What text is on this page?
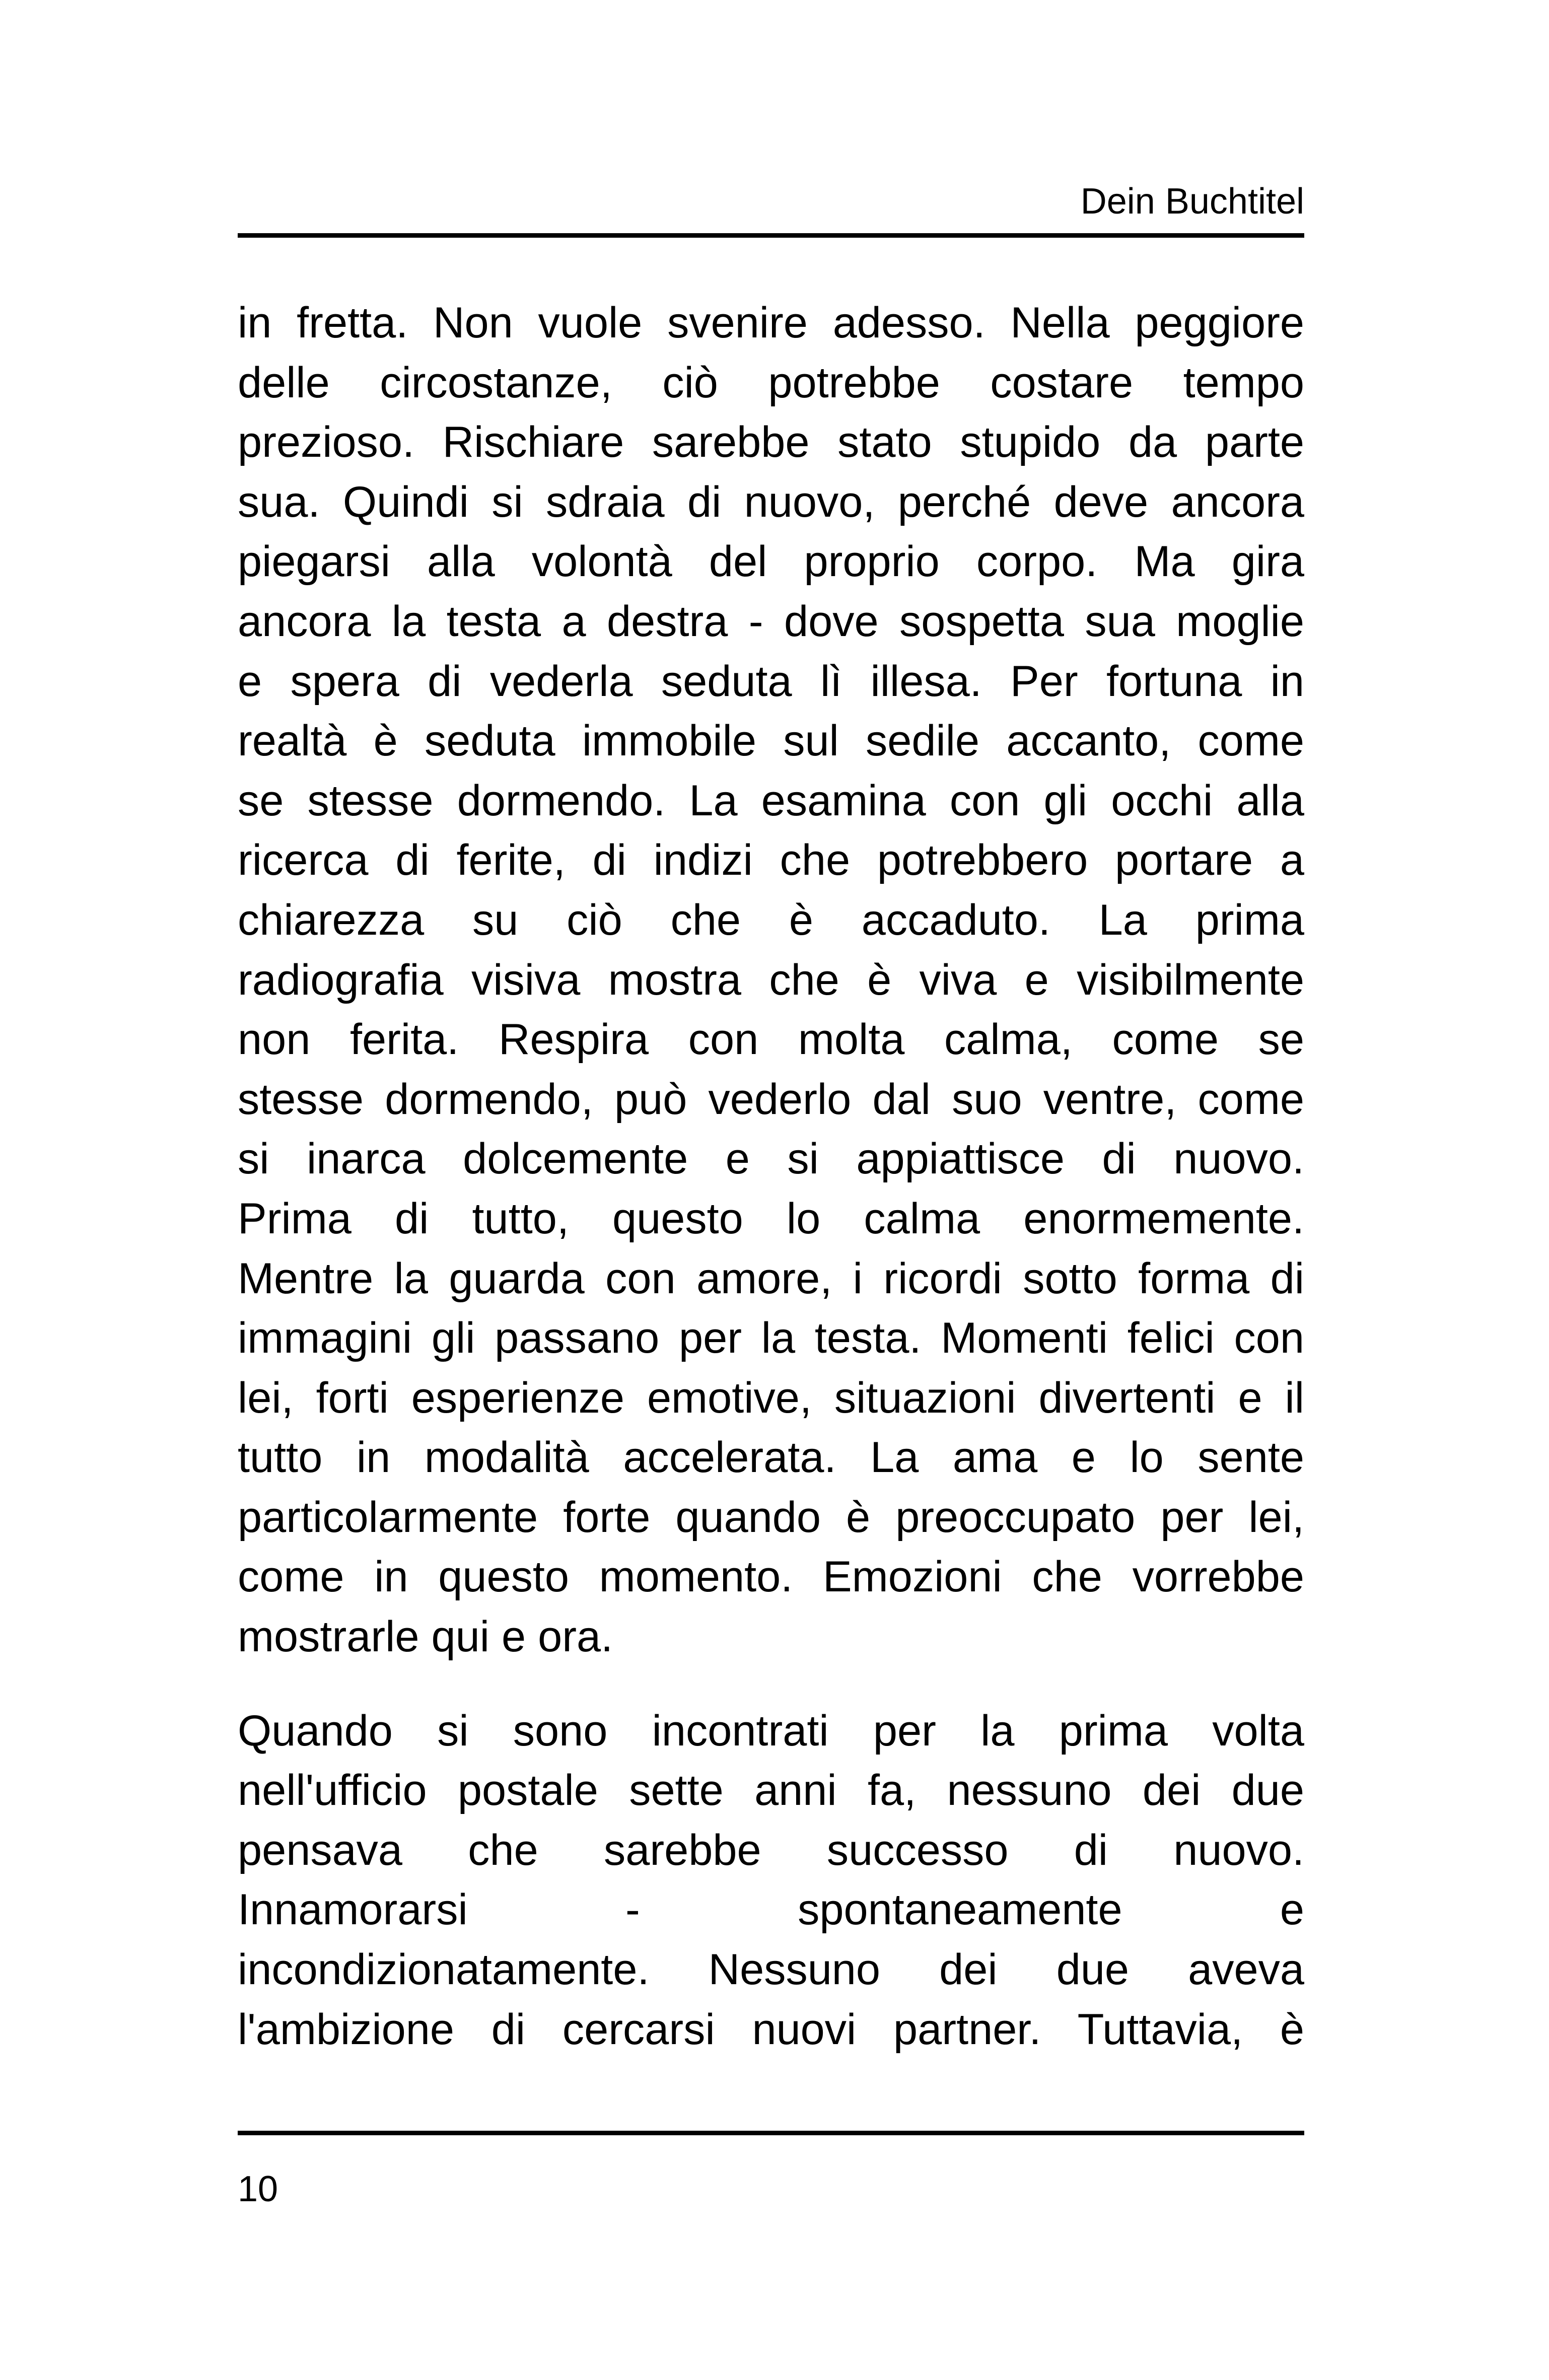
Dein Buchtitel

in fretta. Non vuole svenire adesso. Nella peggiore
delle circostanze, ciò potrebbe costare tempo
prezioso. Rischiare sarebbe stato stupido da parte
sua. Quindi si sdraia di nuovo, perché deve ancora
piegarsi alla volontà del proprio corpo. Ma gira
ancora la testa a destra - dove sospetta sua moglie
e spera di vederla seduta lì illesa. Per fortuna in
realtà è seduta immobile sul sedile accanto, come
se stesse dormendo. La esamina con gli occhi alla
ricerca di ferite, di indizi che potrebbero portare a
chiarezza su ciò che è accaduto. La prima
radiografia visiva mostra che è viva e visibilmente
non ferita. Respira con molta calma, come se
stesse dormendo, può vederlo dal suo ventre, come
si inarca dolcemente e si appiattisce di nuovo.
Prima di tutto, questo lo calma enormemente.
Mentre la guarda con amore, i ricordi sotto forma di
immagini gli passano per la testa. Momenti felici con
lei, forti esperienze emotive, situazioni divertenti e il
tutto in modalità accelerata. La ama e lo sente
particolarmente forte quando è preoccupato per lei,
come in questo momento. Emozioni che vorrebbe
mostrarle qui e ora.

Quando si sono incontrati per la prima volta
nell'ufficio postale sette anni fa, nessuno dei due
pensava che sarebbe successo di nuovo.
Innamorarsi - spontaneamente e
incondizionatamente. Nessuno dei due aveva
l'ambizione di cercarsi nuovi partner. Tuttavia, è

10
